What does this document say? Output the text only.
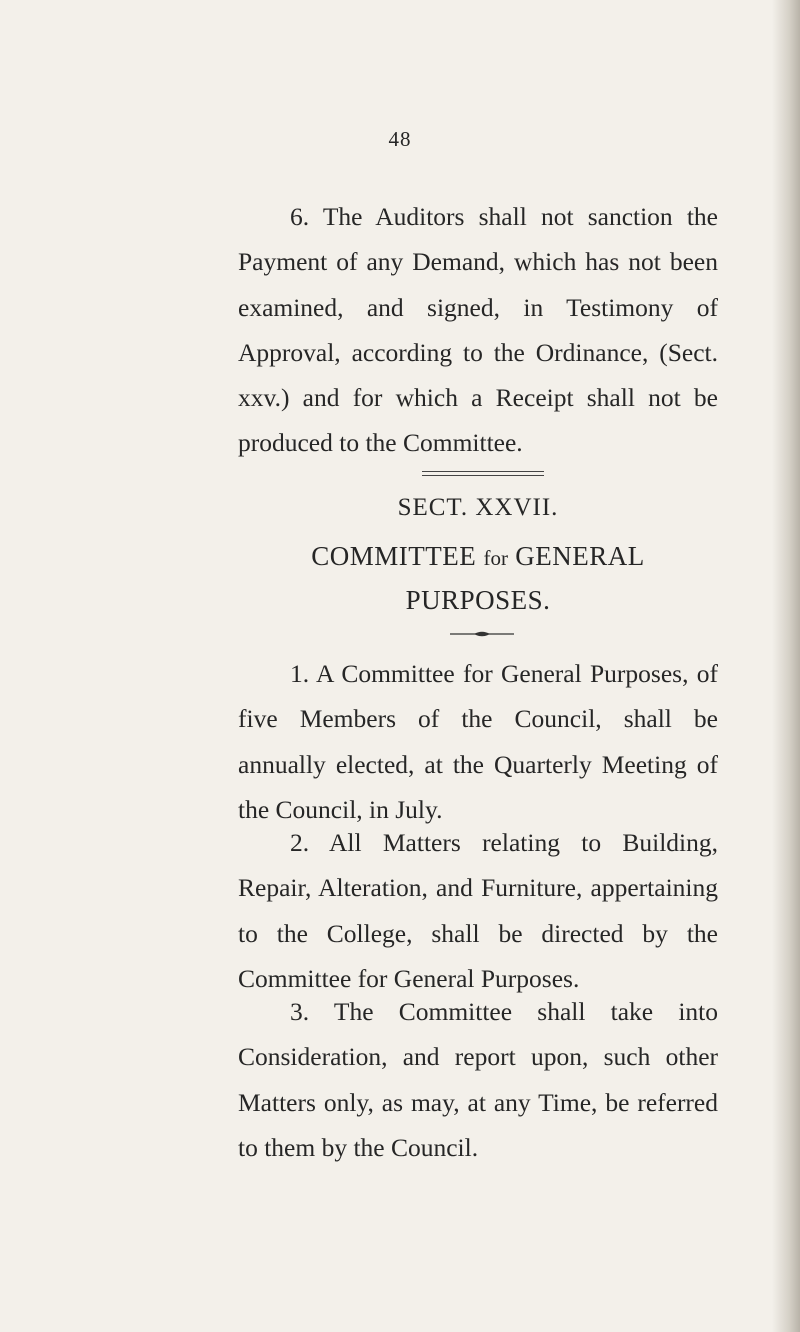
48

6. The Auditors shall not sanction the Payment of any Demand, which has not been examined, and signed, in Testimony of Approval, according to the Ordinance, (Sect. xxv.) and for which a Receipt shall not be produced to the Committee.

SECT. XXVII.
COMMITTEE for GENERAL
PURPOSES.

1. A Committee for General Purposes, of five Members of the Council, shall be annually elected, at the Quarterly Meeting of the Council, in July.

2. All Matters relating to Building, Repair, Alteration, and Furniture, appertaining to the College, shall be directed by the Committee for General Purposes.

3. The Committee shall take into Consideration, and report upon, such other Matters only, as may, at any Time, be referred to them by the Council.
